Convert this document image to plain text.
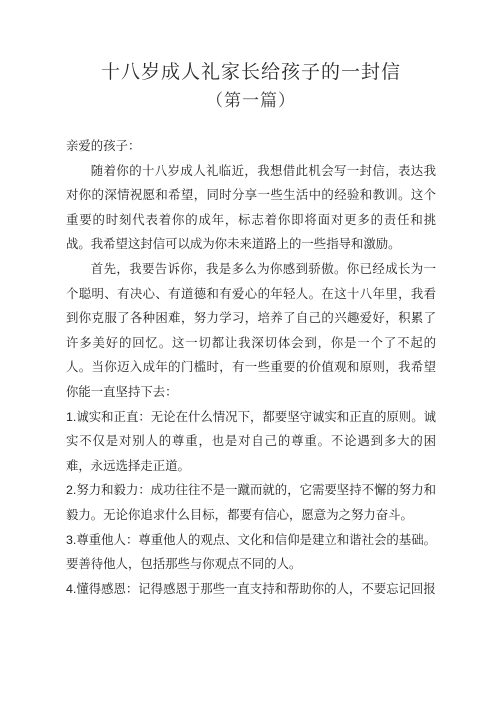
十八岁成人礼家长给孩子的一封信
（第一篇）

亲爱的孩子：

随着你的十八岁成人礼临近，我想借此机会写一封信，表达我对你的深情祝愿和希望，同时分享一些生活中的经验和教训。这个重要的时刻代表着你的成年，标志着你即将面对更多的责任和挑战。我希望这封信可以成为你未来道路上的一些指导和激励。

首先，我要告诉你，我是多么为你感到骄傲。你已经成长为一个聪明、有决心、有道德和有爱心的年轻人。在这十八年里，我看到你克服了各种困难，努力学习，培养了自己的兴趣爱好，积累了许多美好的回忆。这一切都让我深切体会到，你是一个了不起的人。当你迈入成年的门槛时，有一些重要的价值观和原则，我希望你能一直坚持下去：

1.诚实和正直：无论在什么情况下，都要坚守诚实和正直的原则。诚实不仅是对别人的尊重，也是对自己的尊重。不论遇到多大的困难，永远选择走正道。

2.努力和毅力：成功往往不是一蹴而就的，它需要坚持不懈的努力和毅力。无论你追求什么目标，都要有信心，愿意为之努力奋斗。

3.尊重他人：尊重他人的观点、文化和信仰是建立和谐社会的基础。要善待他人，包括那些与你观点不同的人。

4.懂得感恩：记得感恩于那些一直支持和帮助你的人，不要忘记回报
